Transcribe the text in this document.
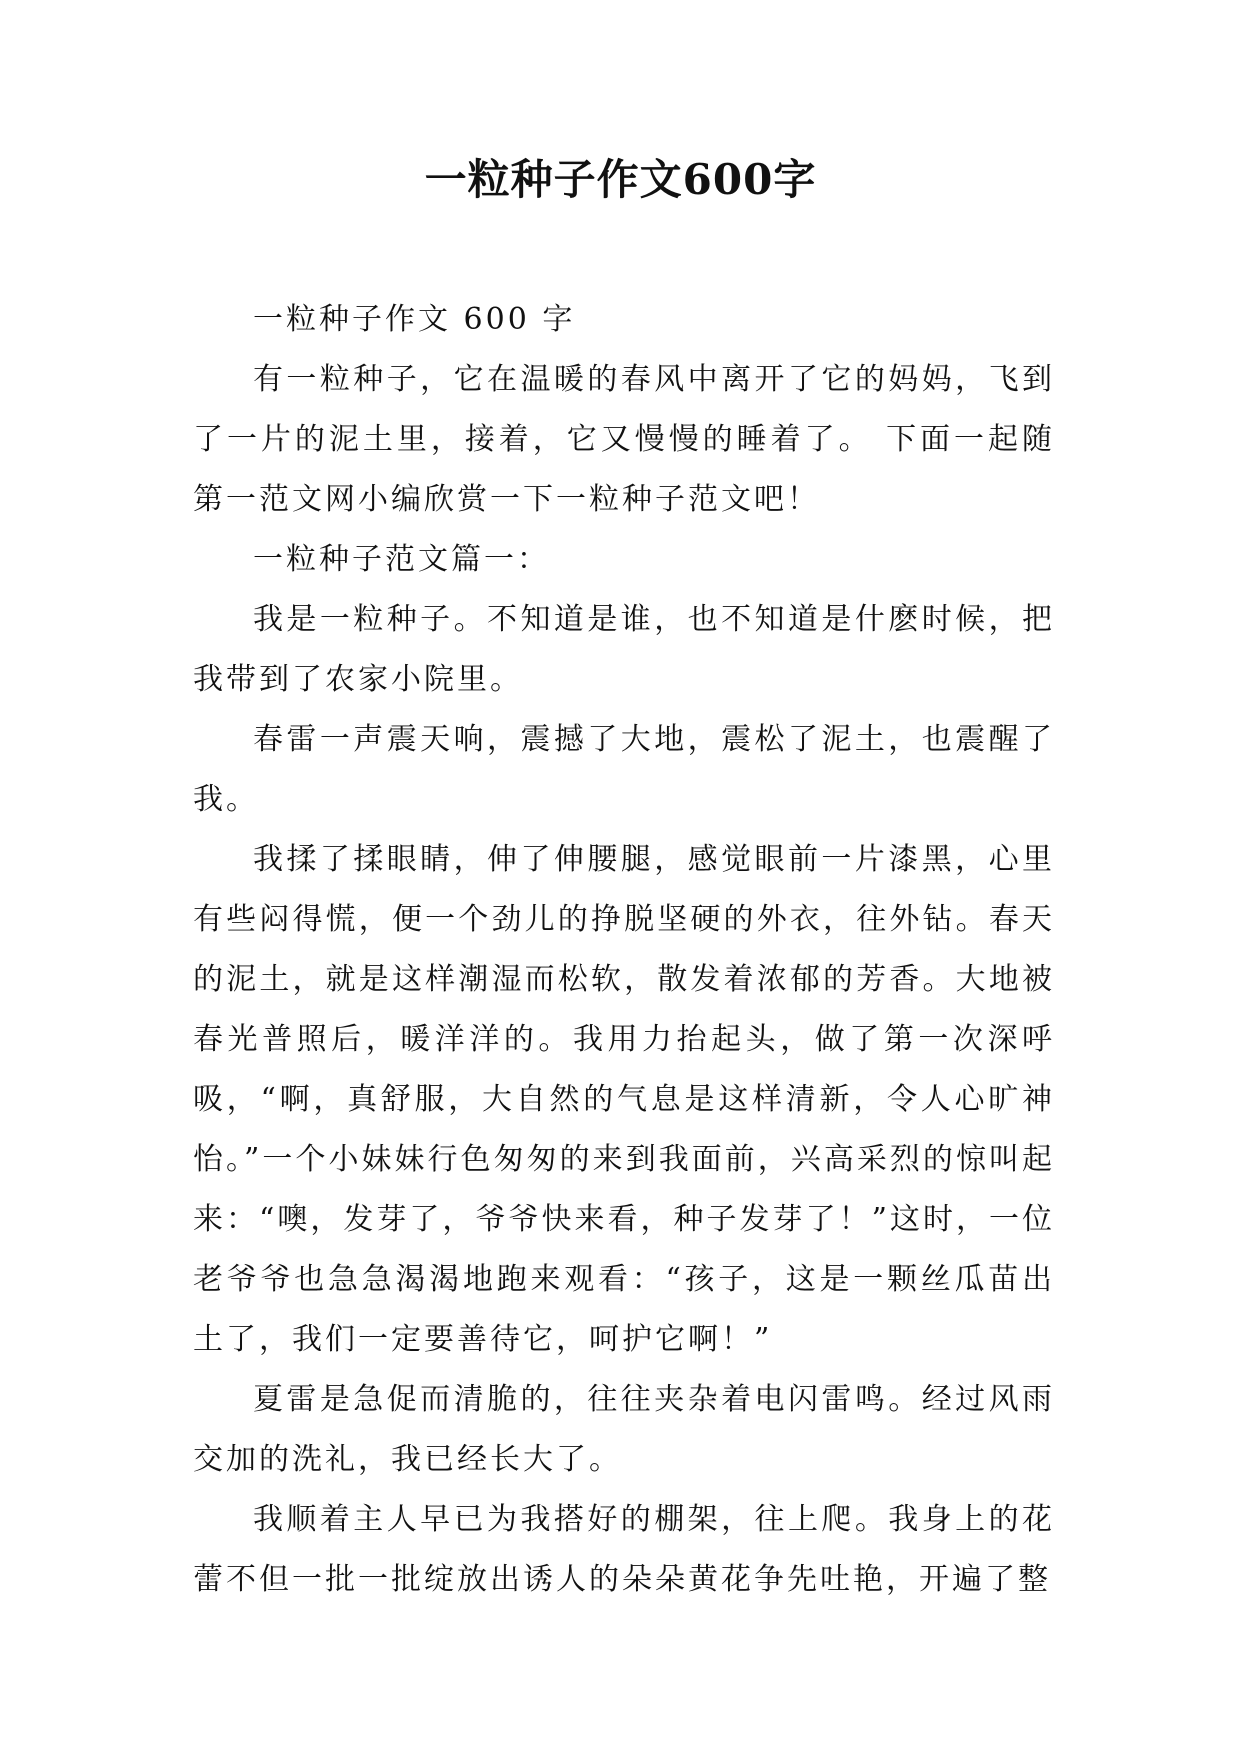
一粒种子作文600字

一粒种子作文 600 字

有一粒种子，它在温暖的春风中离开了它的妈妈，飞到了一片的泥土里，接着，它又慢慢的睡着了。 下面一起随第一范文网小编欣赏一下一粒种子范文吧！

一粒种子范文篇一：

我是一粒种子。不知道是谁，也不知道是什麽时候，把我带到了农家小院里。

春雷一声震天响，震撼了大地，震松了泥土，也震醒了我。

我揉了揉眼睛，伸了伸腰腿，感觉眼前一片漆黑，心里有些闷得慌，便一个劲儿的挣脱坚硬的外衣，往外钻。春天的泥土，就是这样潮湿而松软，散发着浓郁的芳香。大地被春光普照后，暖洋洋的。我用力抬起头，做了第一次深呼吸，“啊，真舒服，大自然的气息是这样清新，令人心旷神怡。”一个小妹妹行色匆匆的来到我面前，兴高采烈的惊叫起来：“噢，发芽了，爷爷快来看，种子发芽了！”这时，一位老爷爷也急急渴渴地跑来观看：“孩子，这是一颗丝瓜苗出土了，我们一定要善待它，呵护它啊！”

夏雷是急促而清脆的，往往夹杂着电闪雷鸣。经过风雨交加的洗礼，我已经长大了。

我顺着主人早已为我搭好的棚架，往上爬。我身上的花蕾不但一批一批绽放出诱人的朵朵黄花争先吐艳，开遍了整
